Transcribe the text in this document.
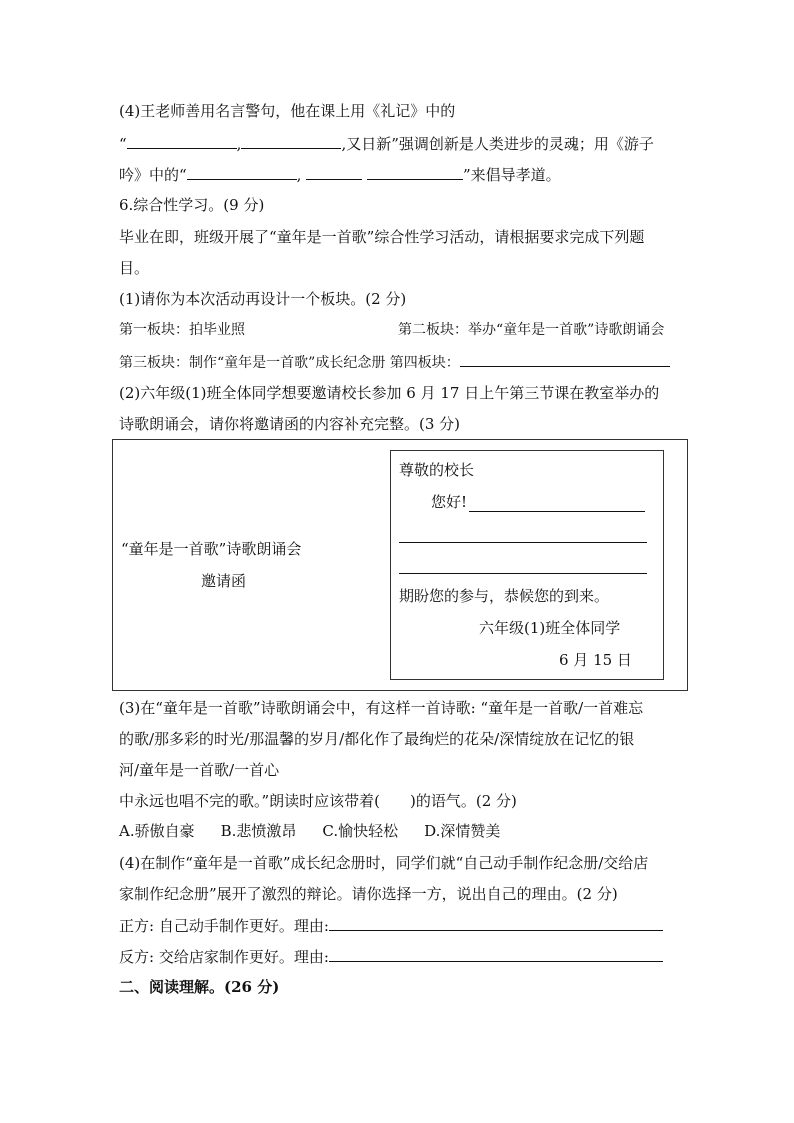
(4)王老师善用名言警句，他在课上用《礼记》中的
“	,	,又日新”强调创新是人类进步的灵魂；用《游子
吟》中的“	,	”来倡导孝道。
6.综合性学习。(9 分)
毕业在即，班级开展了“童年是一首歌”综合性学习活动，请根据要求完成下列题
目。
(1)请你为本次活动再设计一个板块。(2 分)
第一板块：拍毕业照	第二板块：举办“童年是一首歌”诗歌朗诵会
第三板块：制作“童年是一首歌”成长纪念册 第四板块：
(2)六年级(1)班全体同学想要邀请校长参加 6 月 17 日上午第三节课在教室举办的
诗歌朗诵会，请你将邀请函的内容补充完整。(3 分)
“童年是一首歌”诗歌朗诵会
邀请函
尊敬的校长
您好!
期盼您的参与，恭候您的到来。
六年级(1)班全体同学
6 月 15 日
(3)在“童年是一首歌”诗歌朗诵会中，有这样一首诗歌: “童年是一首歌/一首难忘
的歌/那多彩的时光/那温馨的岁月/都化作了最绚烂的花朵/深情绽放在记忆的银
河/童年是一首歌/一首心
中永远也唱不完的歌。”朗读时应该带着(　　)的语气。(2 分)
A.骄傲自豪 B.悲愤激昂 C.愉快轻松 D.深情赞美
(4)在制作“童年是一首歌”成长纪念册时，同学们就“自己动手制作纪念册/交给店
家制作纪念册”展开了激烈的辩论。请你选择一方，说出自己的理由。(2 分)
正方: 自己动手制作更好。理由:
反方: 交给店家制作更好。理由:
二、阅读理解。(26 分)
